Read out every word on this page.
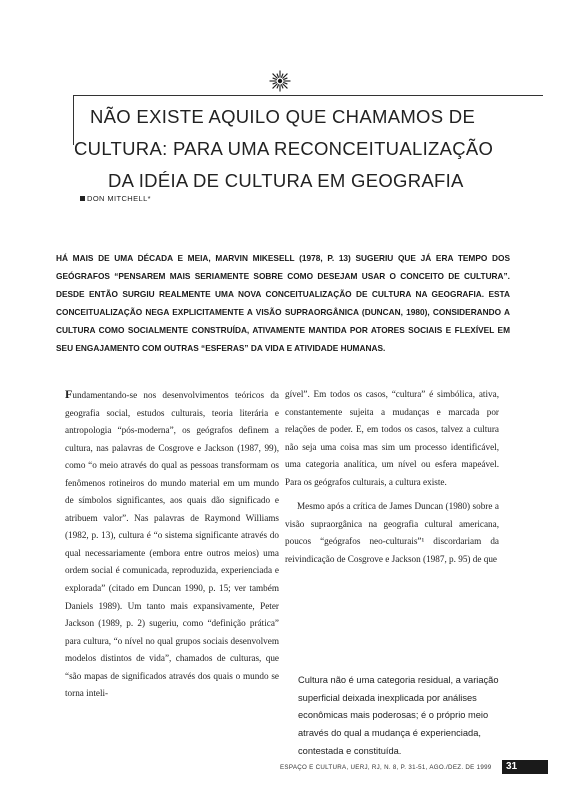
NÃO EXISTE AQUILO QUE CHAMAMOS DE
CULTURA: PARA UMA RECONCEITUALIZAÇÃO
DA IDÉIA DE CULTURA EM GEOGRAFIA
DON MITCHELL*
HÁ MAIS DE UMA DÉCADA E MEIA, MARVIN MIKESELL (1978, P. 13) SUGERIU QUE JÁ ERA TEMPO DOS GEÓGRAFOS “PENSAREM MAIS SERIAMENTE SOBRE COMO DESEJAM USAR O CONCEITO DE CULTURA”. DESDE ENTÃO SURGIU REALMENTE UMA NOVA CONCEITUALIZAÇÃO DE CULTURA NA GEOGRAFIA. ESTA CONCEITUALIZAÇÃO NEGA EXPLICITAMENTE A VISÃO SUPRAORGÂNICA (DUNCAN, 1980), CONSIDERANDO A CULTURA COMO SOCIALMENTE CONSTRUÍDA, ATIVAMENTE MANTIDA POR ATORES SOCIAIS E FLEXÍVEL EM SEU ENGAJAMENTO COM OUTRAS “ESFERAS” DA VIDA E ATIVIDADE HUMANAS.

Fundamentando-se nos desenvolvimentos teóricos da geografia social, estudos culturais, teoria literária e antropologia “pós-moderna”, os geógrafos definem a cultura, nas palavras de Cosgrove e Jackson (1987, 99), como “o meio através do qual as pessoas transformam os fenômenos rotineiros do mundo material em um mundo de símbolos significantes, aos quais dão significado e atribuem valor”. Nas palavras de Raymond Williams (1982, p. 13), cultura é “o sistema significante através do qual necessariamente (embora entre outros meios) uma ordem social é comunicada, reproduzida, experienciada e explorada” (citado em Duncan 1990, p. 15; ver também Daniels 1989). Um tanto mais expansivamente, Peter Jackson (1989, p. 2) sugeriu, como “definição prática” para cultura, “o nível no qual grupos sociais desenvolvem modelos distintos de vida”, chamados de culturas, que “são mapas de significados através dos quais o mundo se torna inteli-

gível”. Em todos os casos, “cultura” é simbólica, ativa, constantemente sujeita a mudanças e marcada por relações de poder. E, em todos os casos, talvez a cultura não seja uma coisa mas sim um processo identificável, uma categoria analítica, um nível ou esfera mapeável. Para os geógrafos culturais, a cultura existe.

Mesmo após a crítica de James Duncan (1980) sobre a visão supraorgânica na geografia cultural americana, poucos “geógrafos neo-culturais”¹ discordariam da reivindicação de Cosgrove e Jackson (1987, p. 95) de que

Cultura não é uma categoria residual, a variação superficial deixada inexplicada por análises econômicas mais poderosas; é o próprio meio através do qual a mudança é experienciada, contestada e constituída.
ESPAÇO E CULTURA, UERJ, RJ, N. 8, P. 31-51, AGO./DEZ. DE 1999	31
